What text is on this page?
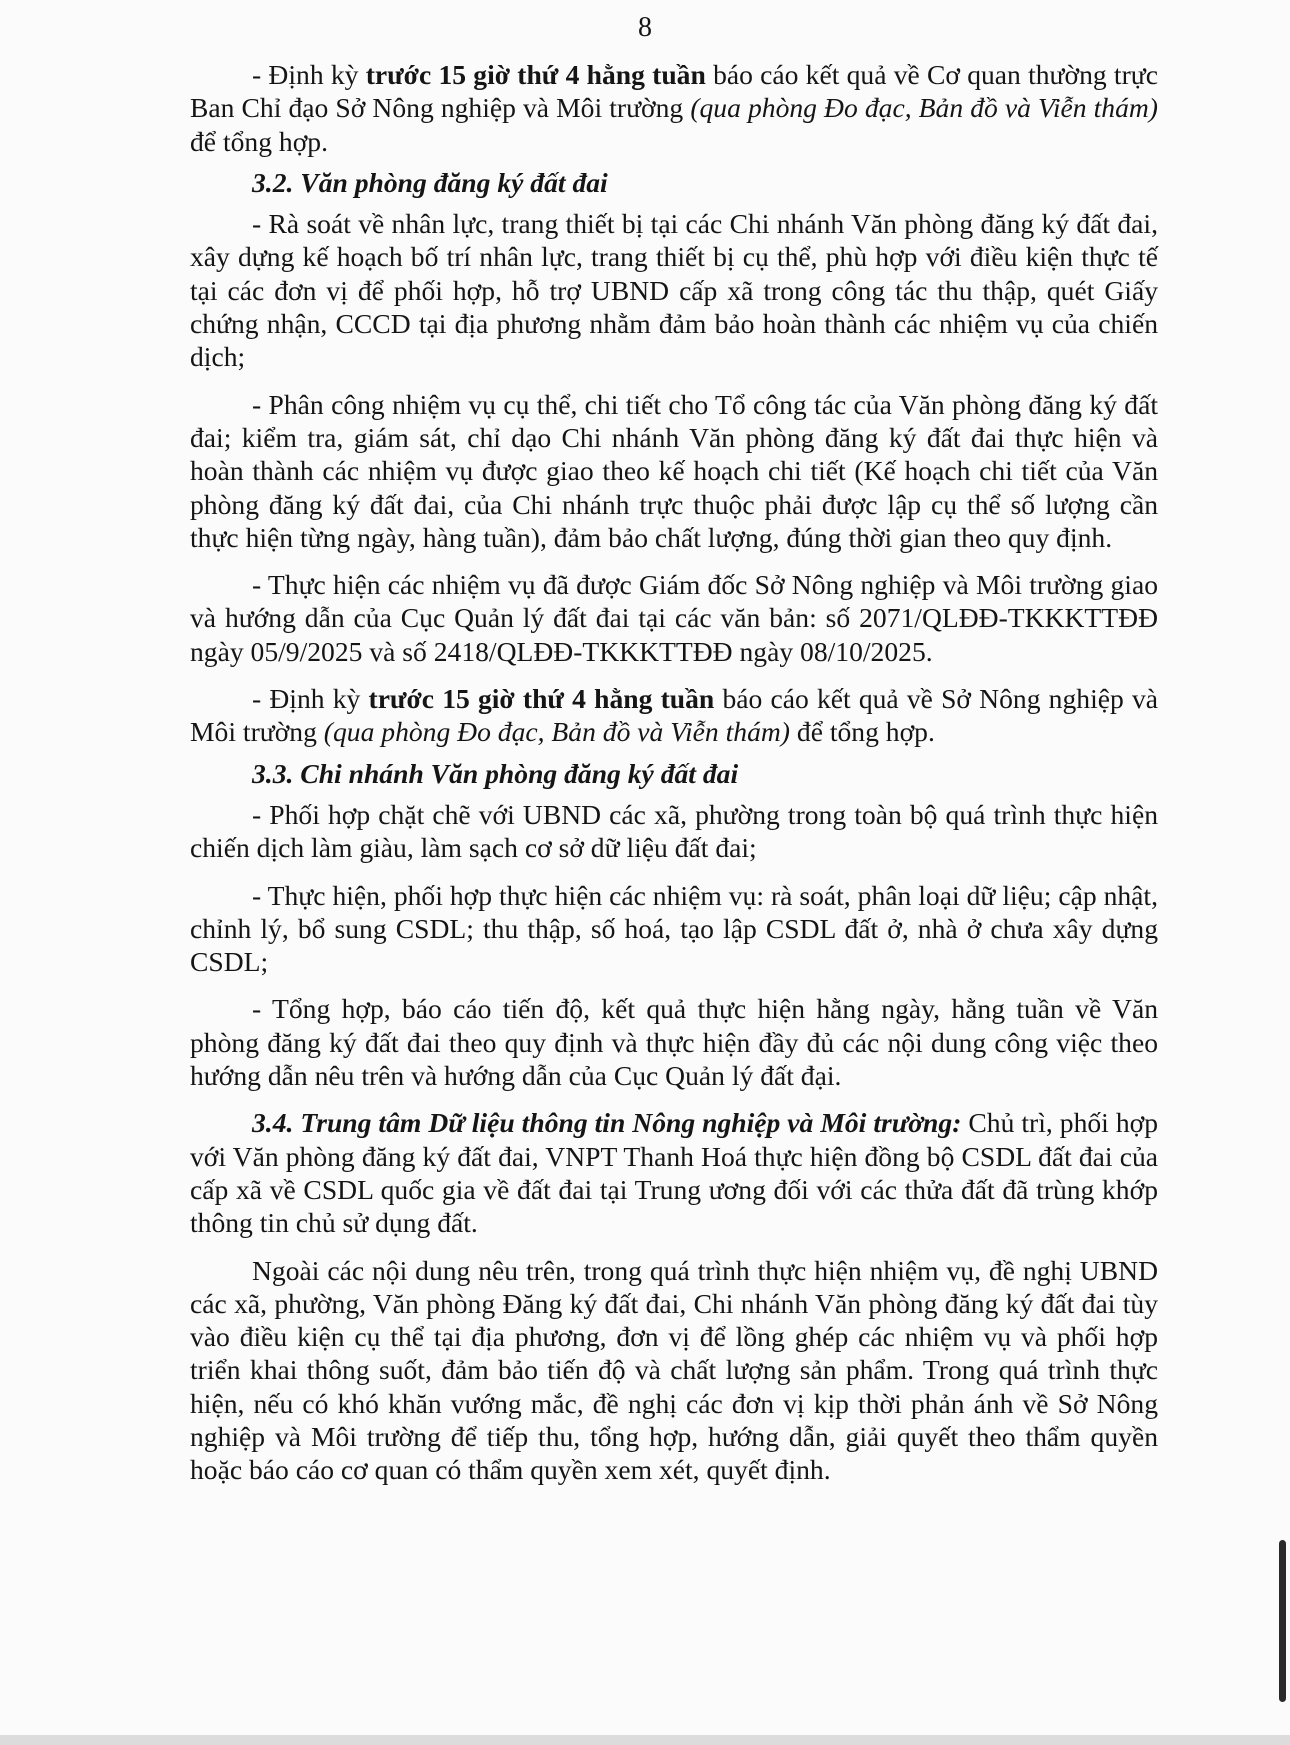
8

- Định kỳ trước 15 giờ thứ 4 hằng tuần báo cáo kết quả về Cơ quan thường trực Ban Chỉ đạo Sở Nông nghiệp và Môi trường (qua phòng Đo đạc, Bản đồ và Viễn thám) để tổng hợp.

3.2. Văn phòng đăng ký đất đai

- Rà soát về nhân lực, trang thiết bị tại các Chi nhánh Văn phòng đăng ký đất đai, xây dựng kế hoạch bố trí nhân lực, trang thiết bị cụ thể, phù hợp với điều kiện thực tế tại các đơn vị để phối hợp, hỗ trợ UBND cấp xã trong công tác thu thập, quét Giấy chứng nhận, CCCD tại địa phương nhằm đảm bảo hoàn thành các nhiệm vụ của chiến dịch;

- Phân công nhiệm vụ cụ thể, chi tiết cho Tổ công tác của Văn phòng đăng ký đất đai; kiểm tra, giám sát, chỉ dạo Chi nhánh Văn phòng đăng ký đất đai thực hiện và hoàn thành các nhiệm vụ được giao theo kế hoạch chi tiết (Kế hoạch chi tiết của Văn phòng đăng ký đất đai, của Chi nhánh trực thuộc phải được lập cụ thể số lượng cần thực hiện từng ngày, hàng tuần), đảm bảo chất lượng, đúng thời gian theo quy định.

- Thực hiện các nhiệm vụ đã được Giám đốc Sở Nông nghiệp và Môi trường giao và hướng dẫn của Cục Quản lý đất đai tại các văn bản: số 2071/QLĐĐ-TKKKTTĐĐ ngày 05/9/2025 và số 2418/QLĐĐ-TKKKTTĐĐ ngày 08/10/2025.

- Định kỳ trước 15 giờ thứ 4 hằng tuần báo cáo kết quả về Sở Nông nghiệp và Môi trường (qua phòng Đo đạc, Bản đồ và Viễn thám) để tổng hợp.

3.3. Chi nhánh Văn phòng đăng ký đất đai

- Phối hợp chặt chẽ với UBND các xã, phường trong toàn bộ quá trình thực hiện chiến dịch làm giàu, làm sạch cơ sở dữ liệu đất đai;

- Thực hiện, phối hợp thực hiện các nhiệm vụ: rà soát, phân loại dữ liệu; cập nhật, chỉnh lý, bổ sung CSDL; thu thập, số hoá, tạo lập CSDL đất ở, nhà ở chưa xây dựng CSDL;

- Tổng hợp, báo cáo tiến độ, kết quả thực hiện hằng ngày, hằng tuần về Văn phòng đăng ký đất đai theo quy định và thực hiện đầy đủ các nội dung công việc theo hướng dẫn nêu trên và hướng dẫn của Cục Quản lý đất đại.

3.4. Trung tâm Dữ liệu thông tin Nông nghiệp và Môi trường: Chủ trì, phối hợp với Văn phòng đăng ký đất đai, VNPT Thanh Hoá thực hiện đồng bộ CSDL đất đai của cấp xã về CSDL quốc gia về đất đai tại Trung ương đối với các thửa đất đã trùng khớp thông tin chủ sử dụng đất.

Ngoài các nội dung nêu trên, trong quá trình thực hiện nhiệm vụ, đề nghị UBND các xã, phường, Văn phòng Đăng ký đất đai, Chi nhánh Văn phòng đăng ký đất đai tùy vào điều kiện cụ thể tại địa phương, đơn vị để lồng ghép các nhiệm vụ và phối hợp triển khai thông suốt, đảm bảo tiến độ và chất lượng sản phẩm. Trong quá trình thực hiện, nếu có khó khăn vướng mắc, đề nghị các đơn vị kịp thời phản ánh về Sở Nông nghiệp và Môi trường để tiếp thu, tổng hợp, hướng dẫn, giải quyết theo thẩm quyền hoặc báo cáo cơ quan có thẩm quyền xem xét, quyết định.
